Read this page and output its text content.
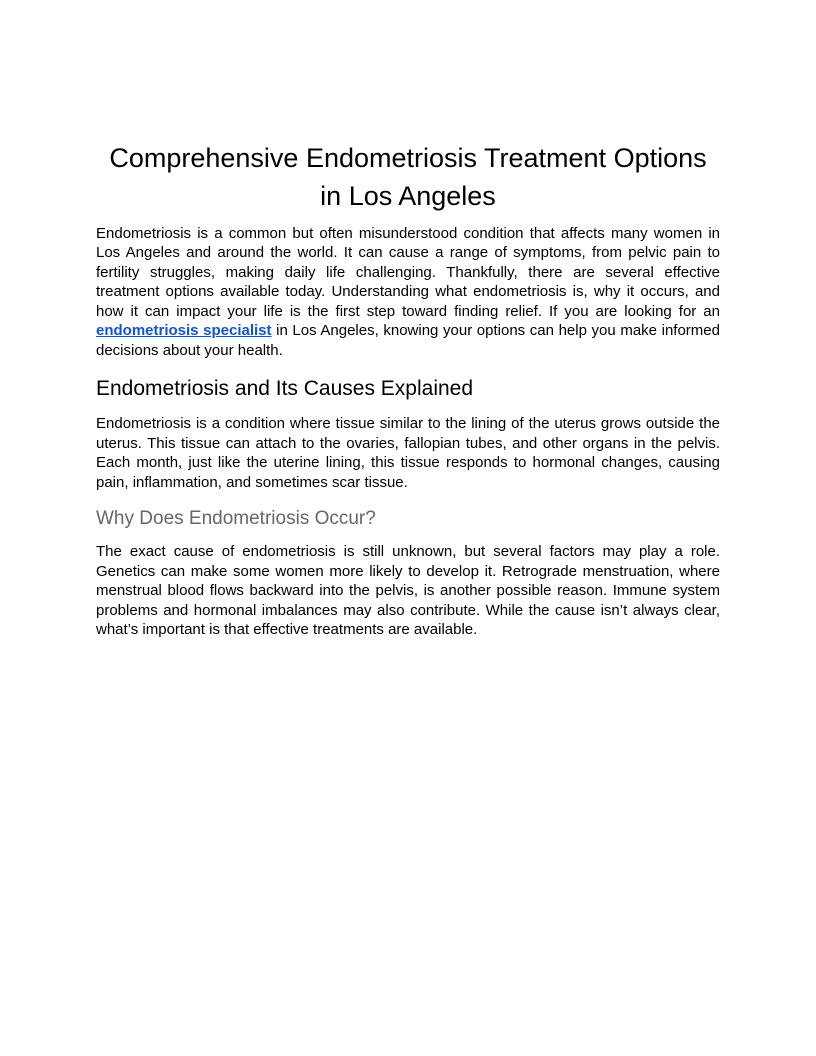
Comprehensive Endometriosis Treatment Options in Los Angeles

Endometriosis is a common but often misunderstood condition that affects many women in Los Angeles and around the world. It can cause a range of symptoms, from pelvic pain to fertility struggles, making daily life challenging. Thankfully, there are several effective treatment options available today. Understanding what endometriosis is, why it occurs, and how it can impact your life is the first step toward finding relief. If you are looking for an endometriosis specialist in Los Angeles, knowing your options can help you make informed decisions about your health.

Endometriosis and Its Causes Explained

Endometriosis is a condition where tissue similar to the lining of the uterus grows outside the uterus. This tissue can attach to the ovaries, fallopian tubes, and other organs in the pelvis. Each month, just like the uterine lining, this tissue responds to hormonal changes, causing pain, inflammation, and sometimes scar tissue.

Why Does Endometriosis Occur?

The exact cause of endometriosis is still unknown, but several factors may play a role. Genetics can make some women more likely to develop it. Retrograde menstruation, where menstrual blood flows backward into the pelvis, is another possible reason. Immune system problems and hormonal imbalances may also contribute. While the cause isn’t always clear, what’s important is that effective treatments are available.
